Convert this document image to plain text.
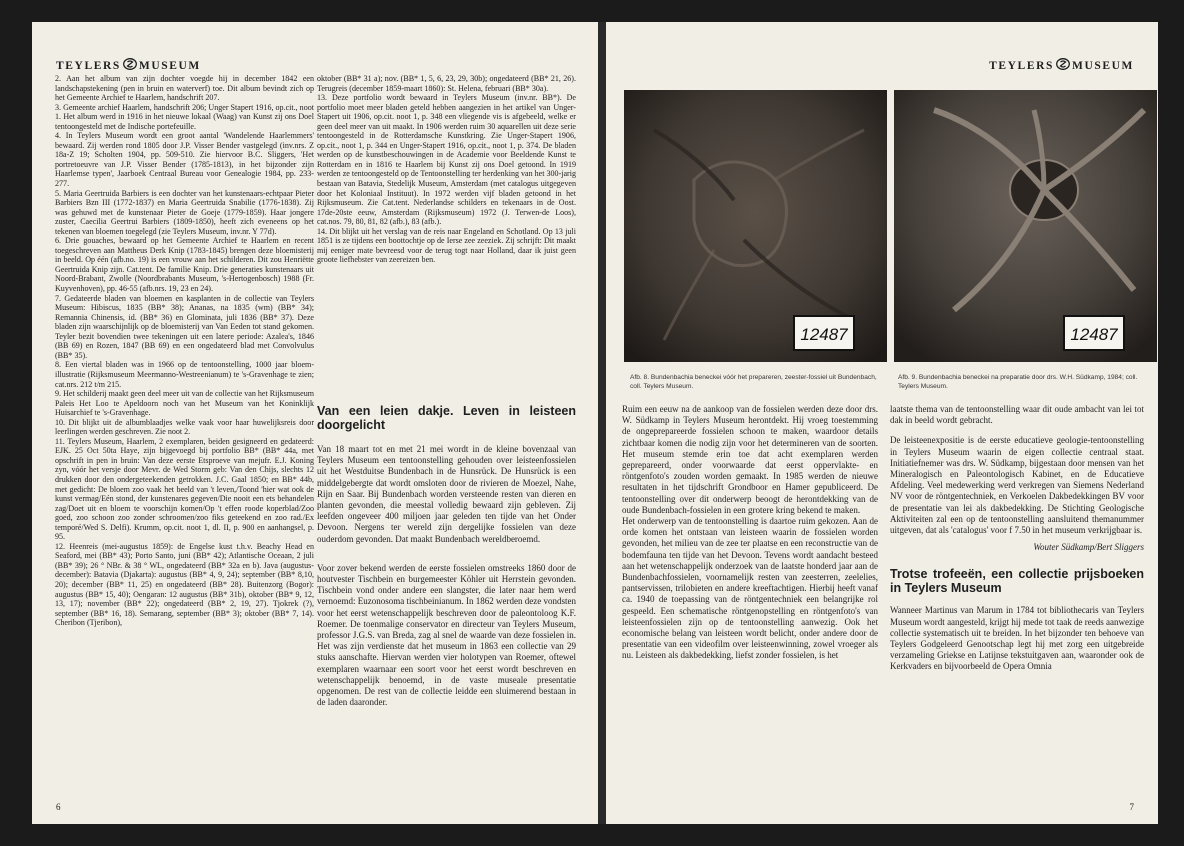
TEYLERS MUSEUM

2. Aan het album van zijn dochter voegde hij in december 1842 een landschapstekening (pen in bruin en waterverf) toe. Dit album bevindt zich op het Gemeente Archief te Haarlem, handschrift 207.

3. Gemeente archief Haarlem, handschrift 206; Unger Stapert 1916, op.cit., noot 1. Het album werd in 1916 in het nieuwe lokaal (Waag) van Kunst zij ons Doel tentoongesteld met de Indische portefeuille.

4. In Teylers Museum wordt een groot aantal 'Wandelende Haarlemmers' bewaard. Zij werden rond 1805 door J.P. Visser Bender vastgelegd (inv.nrs. Z 18a-Z 19; Scholten 1904, pp. 509-510. Zie hiervoor B.C. Sliggers, 'Het portretoeuvre van J.P. Visser Bender (1785-1813), in het bijzonder zijn Haarlemse typen', Jaarboek Centraal Bureau voor Genealogie 1984, pp. 233-277.

5. Maria Geertruida Barbiers is een dochter van het kunstenaars-echtpaar Pieter Barbiers Bzn III (1772-1837) en Maria Geertruida Snabilie (1776-1838). Zij was gehuwd met de kunstenaar Pieter de Goeje (1779-1859). Haar jongere zuster, Caecilia Geertrui Barbiers (1809-1850), heeft zich eveneens op het tekenen van bloemen toegelegd (zie Teylers Museum, inv.nr. Y 77d).

6. Drie gouaches, bewaard op het Gemeente Archief te Haarlem en recent toegeschreven aan Mattheus Derk Knip (1783-1845) brengen deze bloemisterij in beeld. Op één (afb.no. 19) is een vrouw aan het schilderen. Dit zou Henriëtte Geertruida Knip zijn. Cat.tent. De familie Knip. Drie generaties kunstenaars uit Noord-Brabant, Zwolle (Noordbrabants Museum, 's-Hertogenbosch) 1988 (Fr. Kuyvenhoven), pp. 46-55 (afb.nrs. 19, 23 en 24).

7. Gedateerde bladen van bloemen en kasplanten in de collectie van Teylers Museum: Hibiscus, 1835 (BB* 38); Ananas, na 1835 (wm) (BB* 34); Remannia Chinensis, id. (BB* 36) en Glominata, juli 1836 (BB* 37). Deze bladen zijn waarschijnlijk op de bloemisterij van Van Eeden tot stand gekomen. Teyler bezit bovendien twee tekeningen uit een latere periode: Azalea's, 1846 (BB 69) en Rozen, 1847 (BB 69) en een ongedateerd blad met Convolvulus (BB* 35).

8. Een viertal bladen was in 1966 op de tentoonstelling, 1000 jaar bloem-illustratie (Rijksmuseum Meermanno-Westreenianum) te 's-Gravenhage te zien; cat.nrs. 212 t/m 215.

9. Het schilderij maakt geen deel meer uit van de collectie van het Rijksmuseum Paleis Het Loo te Apeldoorn noch van het Museum van het Koninklijk Huisarchief te 's-Gravenhage.

10. Dit blijkt uit de albumblaadjes welke vaak voor haar huwelijksreis door leerlingen werden geschreven. Zie noot 2.

11. Teylers Museum, Haarlem, 2 exemplaren, beiden gesigneerd en gedateerd: EJK. 25 Oct 50ta Haye, zijn bijgevoegd bij portfolio BB* (BB* 44a, met opschrift in pen in bruin: Van deze eerste Etsproeve van mejufr. E.J. Koning zyn, vóór het versje door Mevr. de Wed Storm geb: Van den Chijs, slechts 12 drukken door den ondergeteekenden getrokken. J.C. Gaal 1850; en BB* 44b, met gedicht: De bloem zoo vaak het beeld van 't leven,/Toond 'hier wat ook de kunst vermag/Eén stond, der kunstenares gegeven/Die nooit een ets behandelen zag/Doet uit en bloem te voorschijn komen/Op 't effen roode koperblad/Zoo goed, zoo schoon zoo zonder schroomen/zoo fiks geteekend en zoo rad./Ex temporé/Wed S. Delfi). Krumm, op.cit. noot 1, dl. II, p. 900 en aanhangsel, p. 95.

12. Heenreis (mei-augustus 1859): de Engelse kust t.h.v. Beachy Head en Seaford, mei (BB* 43); Porto Santo, juni (BB* 42); Atlantische Oceaan, 2 juli (BB* 39); 26 ° NBr. & 38 ° WL, ongedateerd (BB* 32a en b). Java (augustus-december): Batavia (Djakarta): augustus (BB* 4, 9, 24); september (BB* 8,10, 20); december (BB* 11, 25) en ongedateerd (BB* 28). Buitenzorg (Bogor): augustus (BB* 15, 40); Oengaran: 12 augustus (BB* 31b), oktober (BB* 9, 12, 13, 17); november (BB* 22); ongedateerd (BB* 2, 19, 27). Tjokrek (?), september (BB* 16, 18). Semarang, september (BB* 3); oktober (BB* 7, 14). Cheribon (Tjeribon),

oktober (BB* 31 a); nov. (BB* 1, 5, 6, 23, 29, 30b); ongedateerd (BB* 21, 26). Terugreis (december 1859-maart 1860): St. Helena, februari (BB* 30a).

13. Deze portfolio wordt bewaard in Teylers Museum (inv.nr. BB*). De portfolio moet meer bladen geteld hebben aangezien in het artikel van Unger-Stapert uit 1906, op.cit. noot 1, p. 348 een vliegende vis is afgebeeld, welke er geen deel meer van uit maakt. In 1906 werden ruim 30 aquarellen uit deze serie tentoongesteld in de Rotterdamsche Kunstkring. Zie Unger-Stapert 1906, op.cit., noot 1, p. 344 en Unger-Stapert 1916, op.cit., noot 1, p. 374. De bladen werden op de kunstbeschouwingen in de Academie voor Beeldende Kunst te Rotterdam en in 1816 te Haarlem bij Kunst zij ons Doel getoond. In 1919 werden ze tentoongesteld op de Tentoonstelling ter herdenking van het 300-jarig bestaan van Batavia, Stedelijk Museum, Amsterdam (met catalogus uitgegeven door het Koloniaal Instituut). In 1972 werden vijf bladen getoond in het Rijksmuseum. Zie Cat.tent. Nederlandse schilders en tekenaars in de Oost. 17de-20ste eeuw, Amsterdam (Rijksmuseum) 1972 (J. Terwen-de Loos), cat.nos. 79, 80, 81, 82 (afb.), 83 (afb.).

14. Dit blijkt uit het verslag van de reis naar Engeland en Schotland. Op 13 juli 1851 is ze tijdens een boottochtje op de Ierse zee zeeziek. Zij schrijft: Dit maakt mij eeniger mate bevreesd voor de terug togt naar Holland, daar ik juist geen groote liefhebster van zeereizen ben.

Van een leien dakje. Leven in leisteen doorgelicht

Van 18 maart tot en met 21 mei wordt in de kleine bovenzaal van Teylers Museum een tentoonstelling gehouden over leisteenfossielen uit het Westduitse Bundenbach in de Hunsrück. De Hunsrück is een middelgebergte dat wordt omsloten door de rivieren de Moezel, Nahe, Rijn en Saar. Bij Bundenbach worden versteende resten van dieren en planten gevonden, die meestal volledig bewaard zijn gebleven. Zij leefden ongeveer 400 miljoen jaar geleden ten tijde van het Onder Devoon. Nergens ter wereld zijn dergelijke fossielen van deze ouderdom gevonden. Dat maakt Bundenbach wereldberoemd.

Voor zover bekend werden de eerste fossielen omstreeks 1860 door de houtvester Tischbein en burgemeester Köhler uit Herrstein gevonden. Tischbein vond onder andere een slangster, die later naar hem werd vernoemd: Euzonosoma tischbeinianum. In 1862 werden deze vondsten voor het eerst wetenschappelijk beschreven door de paleontoloog K.F. Roemer. De toenmalige conservator en directeur van Teylers Museum, professor J.G.S. van Breda, zag al snel de waarde van deze fossielen in. Het was zijn verdienste dat het museum in 1863 een collectie van 29 stuks aanschafte. Hiervan werden vier holotypen van Roemer, oftewel exemplaren waarnaar een soort voor het eerst wordt beschreven en wetenschappelijk benoemd, in de vaste museale presentatie opgenomen. De rest van de collectie leidde een sluimerend bestaan in de laden daaronder.

6
TEYLERS MUSEUM
12487	12487
Afb. 8. Bundenbachia beneckei vóór het prepareren, zeester-fossiel uit Bundenbach, coll. Teylers Museum.
Afb. 9. Bundenbachia beneckei na preparatie door drs. W.H. Südkamp, 1984; coll. Teylers Museum.

Ruim een eeuw na de aankoop van de fossielen werden deze door drs. W. Südkamp in Teylers Museum herontdekt. Hij vroeg toestemming de ongeprepareerde fossielen schoon te maken, waardoor details zichtbaar komen die nodig zijn voor het determineren van de soorten. Het museum stemde erin toe dat acht exemplaren werden geprepareerd, onder voorwaarde dat eerst oppervlakte- en röntgenfoto's zouden worden gemaakt. In 1985 werden de nieuwe resultaten in het tijdschrift Grondboor en Hamer gepubliceerd. De tentoonstelling over dit onderwerp beoogt de herontdekking van de oude Bundenbach-fossielen in een grotere kring bekend te maken.

Het onderwerp van de tentoonstelling is daartoe ruim gekozen. Aan de orde komen het ontstaan van leisteen waarin de fossielen worden gevonden, het milieu van de zee ter plaatse en een reconstructie van de bodemfauna ten tijde van het Devoon. Tevens wordt aandacht besteed aan het wetenschappelijk onderzoek van de laatste honderd jaar aan de Bundenbachfossielen, voornamelijk resten van zeesterren, zeelelies, pantservissen, trilobieten en andere kreeftachtigen. Hierbij heeft vanaf ca. 1940 de toepassing van de röntgentechniek een belangrijke rol gespeeld. Een schematische röntgenopstelling en röntgenfoto's van leisteenfossielen zijn op de tentoonstelling aanwezig. Ook het economische belang van leisteen wordt belicht, onder andere door de presentatie van een videofilm over leisteenwinning, zowel vroeger als nu. Leisteen als dakbedekking, liefst zonder fossielen, is het

laatste thema van de tentoonstelling waar dit oude ambacht van lei tot dak in beeld wordt gebracht.

De leisteenexpositie is de eerste educatieve geologie-tentoonstelling in Teylers Museum waarin de eigen collectie centraal staat. Initiatiefnemer was drs. W. Südkamp, bijgestaan door mensen van het Mineralogisch en Paleontologisch Kabinet, en de Educatieve Afdeling. Veel medewerking werd verkregen van Siemens Nederland NV voor de röntgentechniek, en Verkoelen Dakbedekkingen BV voor de presentatie van lei als dakbedekking. De Stichting Geologische Aktiviteiten zal een op de tentoonstelling aansluitend themanummer uitgeven, dat als 'catalogus' voor f 7.50 in het museum verkrijgbaar is.

Wouter Südkamp/Bert Sliggers

Trotse trofeeën, een collectie prijsboeken in Teylers Museum

Wanneer Martinus van Marum in 1784 tot bibliothecaris van Teylers Museum wordt aangesteld, krijgt hij mede tot taak de reeds aanwezige collectie systematisch uit te breiden. In het bijzonder ten behoeve van Teylers Godgeleerd Genootschap legt hij met zorg een uitgebreide verzameling Griekse en Latijnse tekstuitgaven aan, waaronder ook de Kerkvaders en bijvoorbeeld de Opera Omnia

7
